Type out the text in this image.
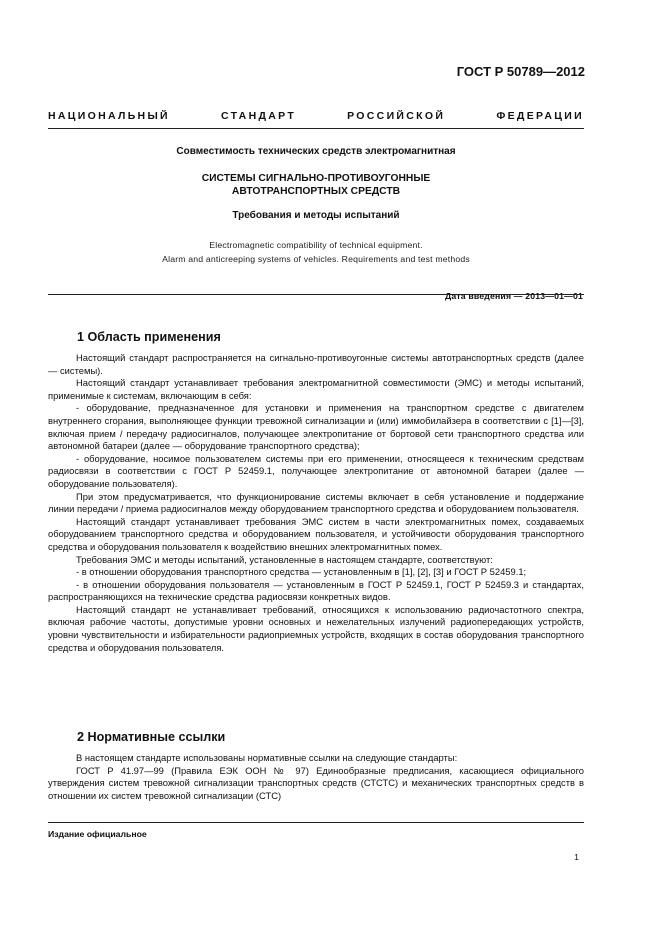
ГОСТ Р 50789—2012
НАЦИОНАЛЬНЫЙ СТАНДАРТ РОССИЙСКОЙ ФЕДЕРАЦИИ
Совместимость технических средств электромагнитная
СИСТЕМЫ СИГНАЛЬНО-ПРОТИВОУГОННЫЕ
АВТОТРАНСПОРТНЫХ СРЕДСТВ
Требования и методы испытаний
Electromagnetic compatibility of technical equipment.
Alarm and anticreeping systems of vehicles. Requirements and test methods
Дата введения — 2013—01—01
1 Область применения

Настоящий стандарт распространяется на сигнально-противоугонные системы автотранспортных средств (далее — системы).

Настоящий стандарт устанавливает требования электромагнитной совместимости (ЭМС) и методы испытаний, применимые к системам, включающим в себя:

- оборудование, предназначенное для установки и применения на транспортном средстве с двигателем внутреннего сгорания, выполняющее функции тревожной сигнализации и (или) иммобилайзера в соответствии с [1]—[3], включая прием / передачу радиосигналов, получающее электропитание от бортовой сети транспортного средства или автономной батареи (далее — оборудование транспортного средства);

- оборудование, носимое пользователем системы при его применении, относящееся к техническим средствам радиосвязи в соответствии с ГОСТ Р 52459.1, получающее электропитание от автономной батареи (далее — оборудование пользователя).

При этом предусматривается, что функционирование системы включает в себя установление и поддержание линии передачи / приема радиосигналов между оборудованием транспортного средства и оборудованием пользователя.

Настоящий стандарт устанавливает требования ЭМС систем в части электромагнитных помех, создаваемых оборудованием транспортного средства и оборудованием пользователя, и устойчивости оборудования транспортного средства и оборудования пользователя к воздействию внешних электромагнитных помех.

Требования ЭМС и методы испытаний, установленные в настоящем стандарте, соответствуют:

- в отношении оборудования транспортного средства — установленным в [1], [2], [3] и ГОСТ Р 52459.1;

- в отношении оборудования пользователя — установленным в ГОСТ Р 52459.1, ГОСТ Р 52459.3 и стандартах, распространяющихся на технические средства радиосвязи конкретных видов.

Настоящий стандарт не устанавливает требований, относящихся к использованию радиочастотного спектра, включая рабочие частоты, допустимые уровни основных и нежелательных излучений радиопередающих устройств, уровни чувствительности и избирательности радиоприемных устройств, входящих в состав оборудования транспортного средства и оборудования пользователя.

2 Нормативные ссылки

В настоящем стандарте использованы нормативные ссылки на следующие стандарты:

ГОСТ Р 41.97—99 (Правила ЕЭК ООН № 97) Единообразные предписания, касающиеся официального утверждения систем тревожной сигнализации транспортных средств (СТСТС) и механических транспортных средств в отношении их систем тревожной сигнализации (СТС)

Издание официальное
1
